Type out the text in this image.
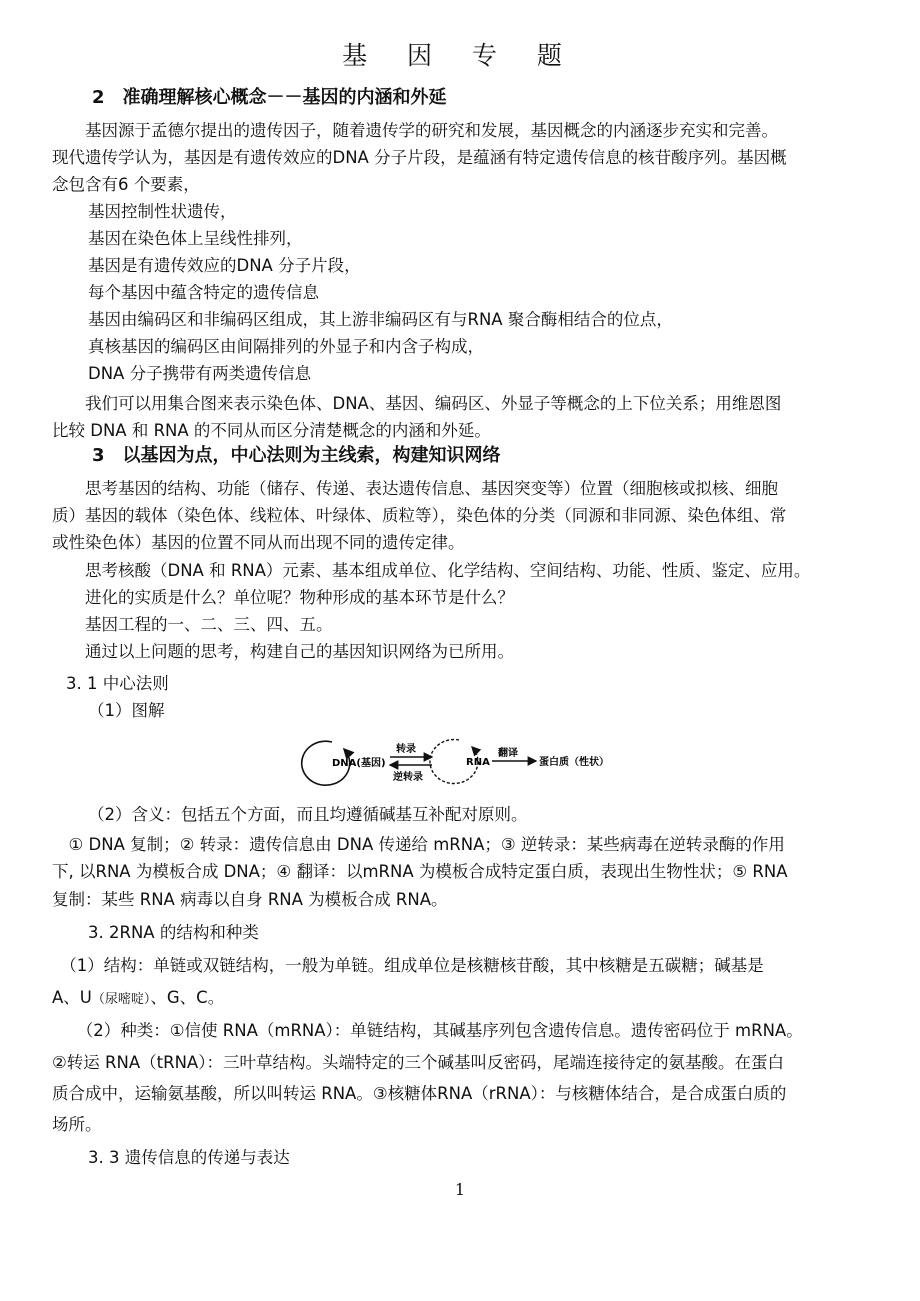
基 因 专 题
2　准确理解核心概念－－基因的内涵和外延
　　基因源于孟德尔提出的遗传因子，随着遗传学的研究和发展，基因概念的内涵逐步充实和完善。
现代遗传学认为，基因是有遗传效应的DNA 分子片段，是蕴涵有特定遗传信息的核苷酸序列。基因概
念包含有6 个要素，
基因控制性状遗传，
基因在染色体上呈线性排列，
基因是有遗传效应的DNA 分子片段，
每个基因中蕴含特定的遗传信息
基因由编码区和非编码区组成，其上游非编码区有与RNA 聚合酶相结合的位点，
真核基因的编码区由间隔排列的外显子和内含子构成，
DNA 分子携带有两类遗传信息
　　我们可以用集合图来表示染色体、DNA、基因、编码区、外显子等概念的上下位关系；用维恩图
比较 DNA 和 RNA 的不同从而区分清楚概念的内涵和外延。
3　以基因为点，中心法则为主线索，构建知识网络
　　思考基因的结构、功能（储存、传递、表达遗传信息、基因突变等）位置（细胞核或拟核、细胞
质）基因的载体（染色体、线粒体、叶绿体、质粒等），染色体的分类（同源和非同源、染色体组、常
或性染色体）基因的位置不同从而出现不同的遗传定律。
　　思考核酸（DNA 和 RNA）元素、基本组成单位、化学结构、空间结构、功能、性质、鉴定、应用。
　　进化的实质是什么？单位呢？物种形成的基本环节是什么？
　　基因工程的一、二、三、四、五。
　　通过以上问题的思考，构建自己的基因知识网络为已所用。
3. 1 中心法则
（1）图解
DNA(基因)
转录
逆转录
RNA
翻译
蛋白质（性状）
（2）含义：包括五个方面，而且均遵循碱基互补配对原则。
　① DNA 复制；② 转录：遗传信息由 DNA 传递给 mRNA；③ 逆转录：某些病毒在逆转录酶的作用
下, 以RNA 为模板合成 DNA；④ 翻译：以mRNA 为模板合成特定蛋白质，表现出生物性状；⑤ RNA
复制：某些 RNA 病毒以自身 RNA 为模板合成 RNA。
3. 2RNA 的结构和种类
　（1）结构：单链或双链结构，一般为单链。组成单位是核糖核苷酸，其中核糖是五碳糖；碱基是
A、U（尿嘧啶）、G、C。
　　（2）种类：①信使 RNA（mRNA）：单链结构，其碱基序列包含遗传信息。遗传密码位于 mRNA。
②转运 RNA（tRNA）：三叶草结构。头端特定的三个碱基叫反密码，尾端连接待定的氨基酸。在蛋白
质合成中，运输氨基酸，所以叫转运 RNA。③核糖体RNA（rRNA）：与核糖体结合，是合成蛋白质的
场所。
3. 3 遗传信息的传递与表达
1
